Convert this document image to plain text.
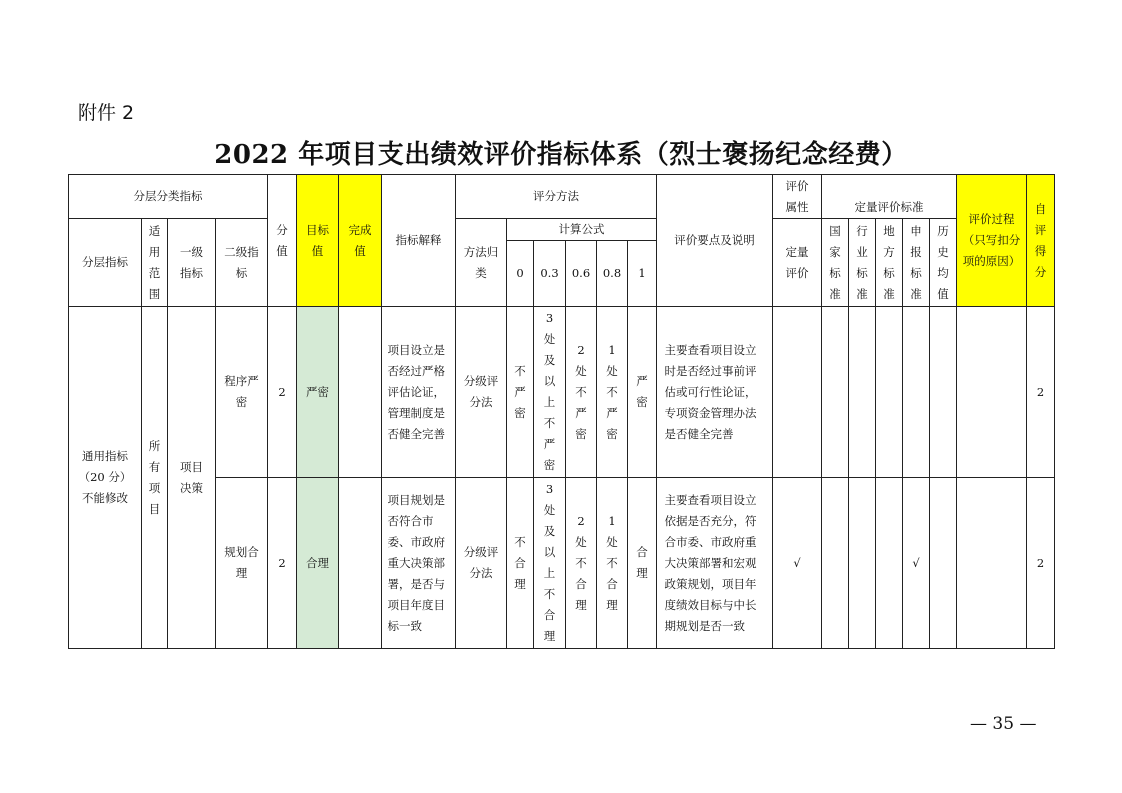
附件 2
2022 年项目支出绩效评价指标体系（烈士褒扬纪念经费）
分层分类指标				分值	目标值	完成值	指标解释	评分方法						评价要点及说明	评价属性	定量评价标准					评价过程（只写扣分项的原因）	自评得分
分层指标	适用范围	一级指标	二级指标					方法归类	计算公式						定量评价	国家标准	行业标准	地方标准	申报标准	历史均值		
									0	0.3	0.6	0.8	1									
通用指标（20 分）不能修改	所有项目	项目决策	程序严密	2	严密		项目设立是否经过严格评估论证，管理制度是否健全完善	分级评分法	不严密	3处及以上不严密	2处不严密	1处不严密	严密	主要查看项目设立时是否经过事前评估或可行性论证，专项资金管理办法是否健全完善								2
			规划合理	2	合理		项目规划是否符合市委、市政府重大决策部署，是否与项目年度目标一致	分级评分法	不合理	3处及以上不合理	2处不合理	1处不合理	合理	主要查看项目设立依据是否充分，符合市委、市政府重大决策部署和宏观政策规划，项目年度绩效目标与中长期规划是否一致	√				√			2
— 35 —
